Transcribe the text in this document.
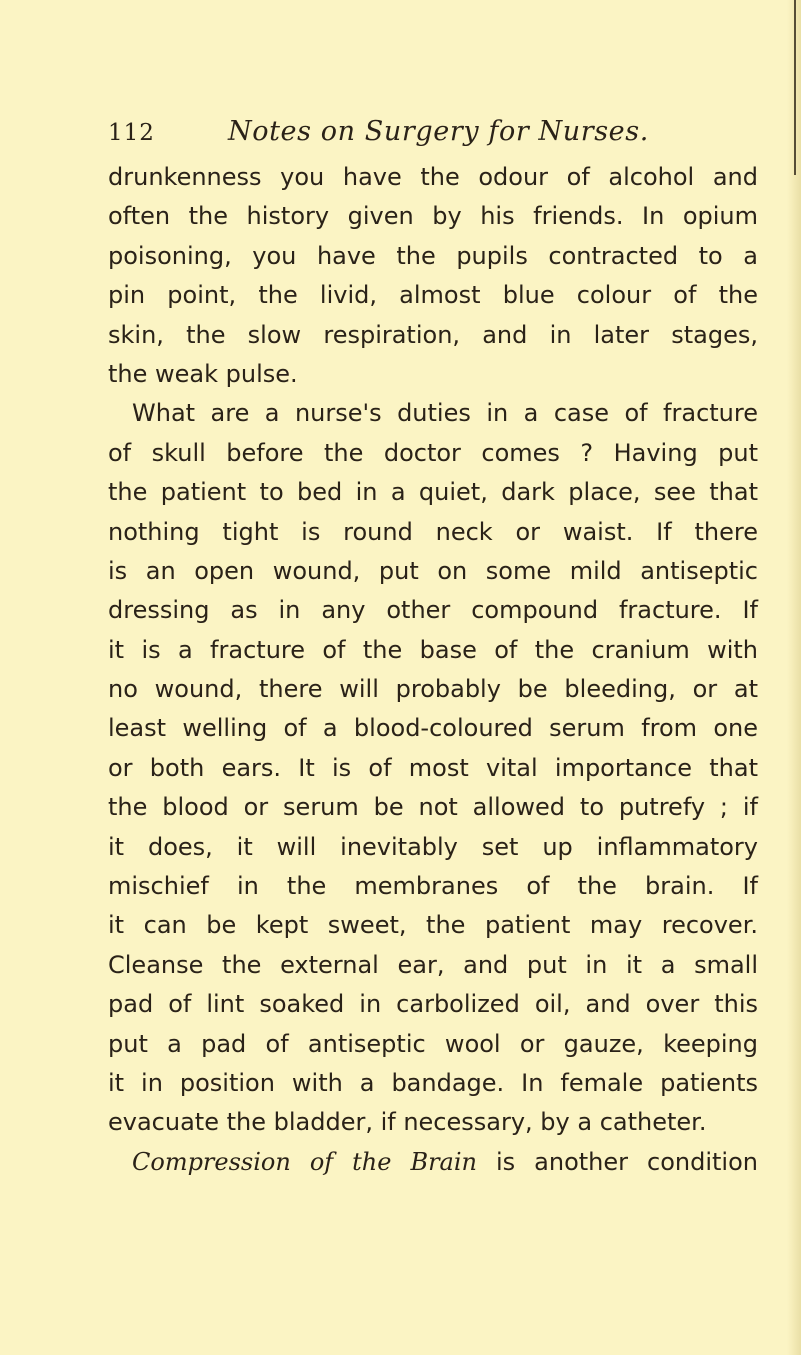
112	Notes on Surgery for Nurses.
drunkenness you have the odour of alcohol and
often the history given by his friends. In opium
poisoning, you have the pupils contracted to a
pin point, the livid, almost blue colour of the
skin, the slow respiration, and in later stages,
the weak pulse.
What are a nurse's duties in a case of fracture
of skull before the doctor comes ? Having put
the patient to bed in a quiet, dark place, see that
nothing tight is round neck or waist. If there
is an open wound, put on some mild antiseptic
dressing as in any other compound fracture. If
it is a fracture of the base of the cranium with
no wound, there will probably be bleeding, or at
least welling of a blood-coloured serum from one
or both ears. It is of most vital importance that
the blood or serum be not allowed to putrefy ; if
it does, it will inevitably set up inflammatory
mischief in the membranes of the brain. If
it can be kept sweet, the patient may recover.
Cleanse the external ear, and put in it a small
pad of lint soaked in carbolized oil, and over this
put a pad of antiseptic wool or gauze, keeping
it in position with a bandage. In female patients
evacuate the bladder, if necessary, by a catheter.
Compression of the Brain is another condition
